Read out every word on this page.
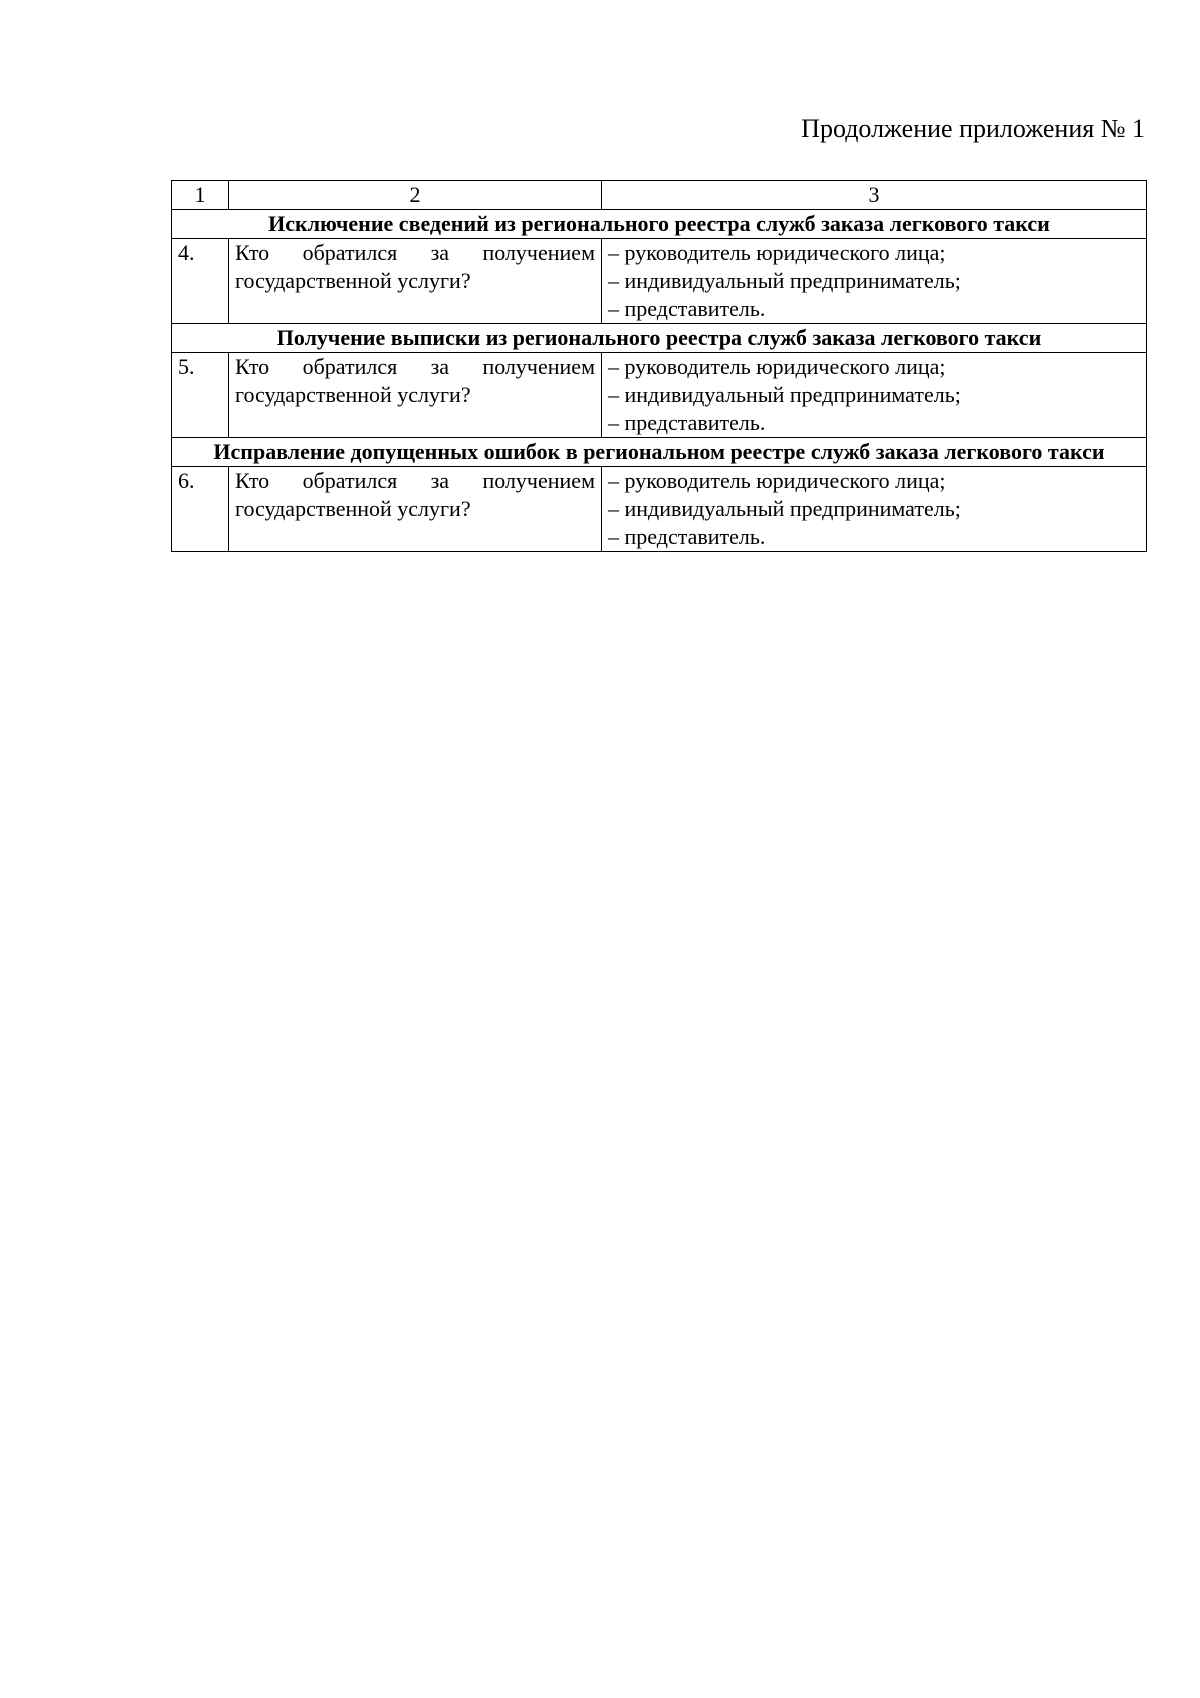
Продолжение приложения № 1
1	2	3
Исключение сведений из регионального реестра служб заказа легкового такси		
4.	Кто обратился за получением государственной услуги?	– руководитель юридического лица;
– индивидуальный предприниматель;
– представитель.

Получение выписки из регионального реестра служб заказа легкового такси		
5.	Кто обратился за получением государственной услуги?	– руководитель юридического лица;
– индивидуальный предприниматель;
– представитель.

Исправление допущенных ошибок в региональном реестре служб заказа легкового такси		
6.	Кто обратился за получением государственной услуги?	– руководитель юридического лица;
– индивидуальный предприниматель;
– представитель.
